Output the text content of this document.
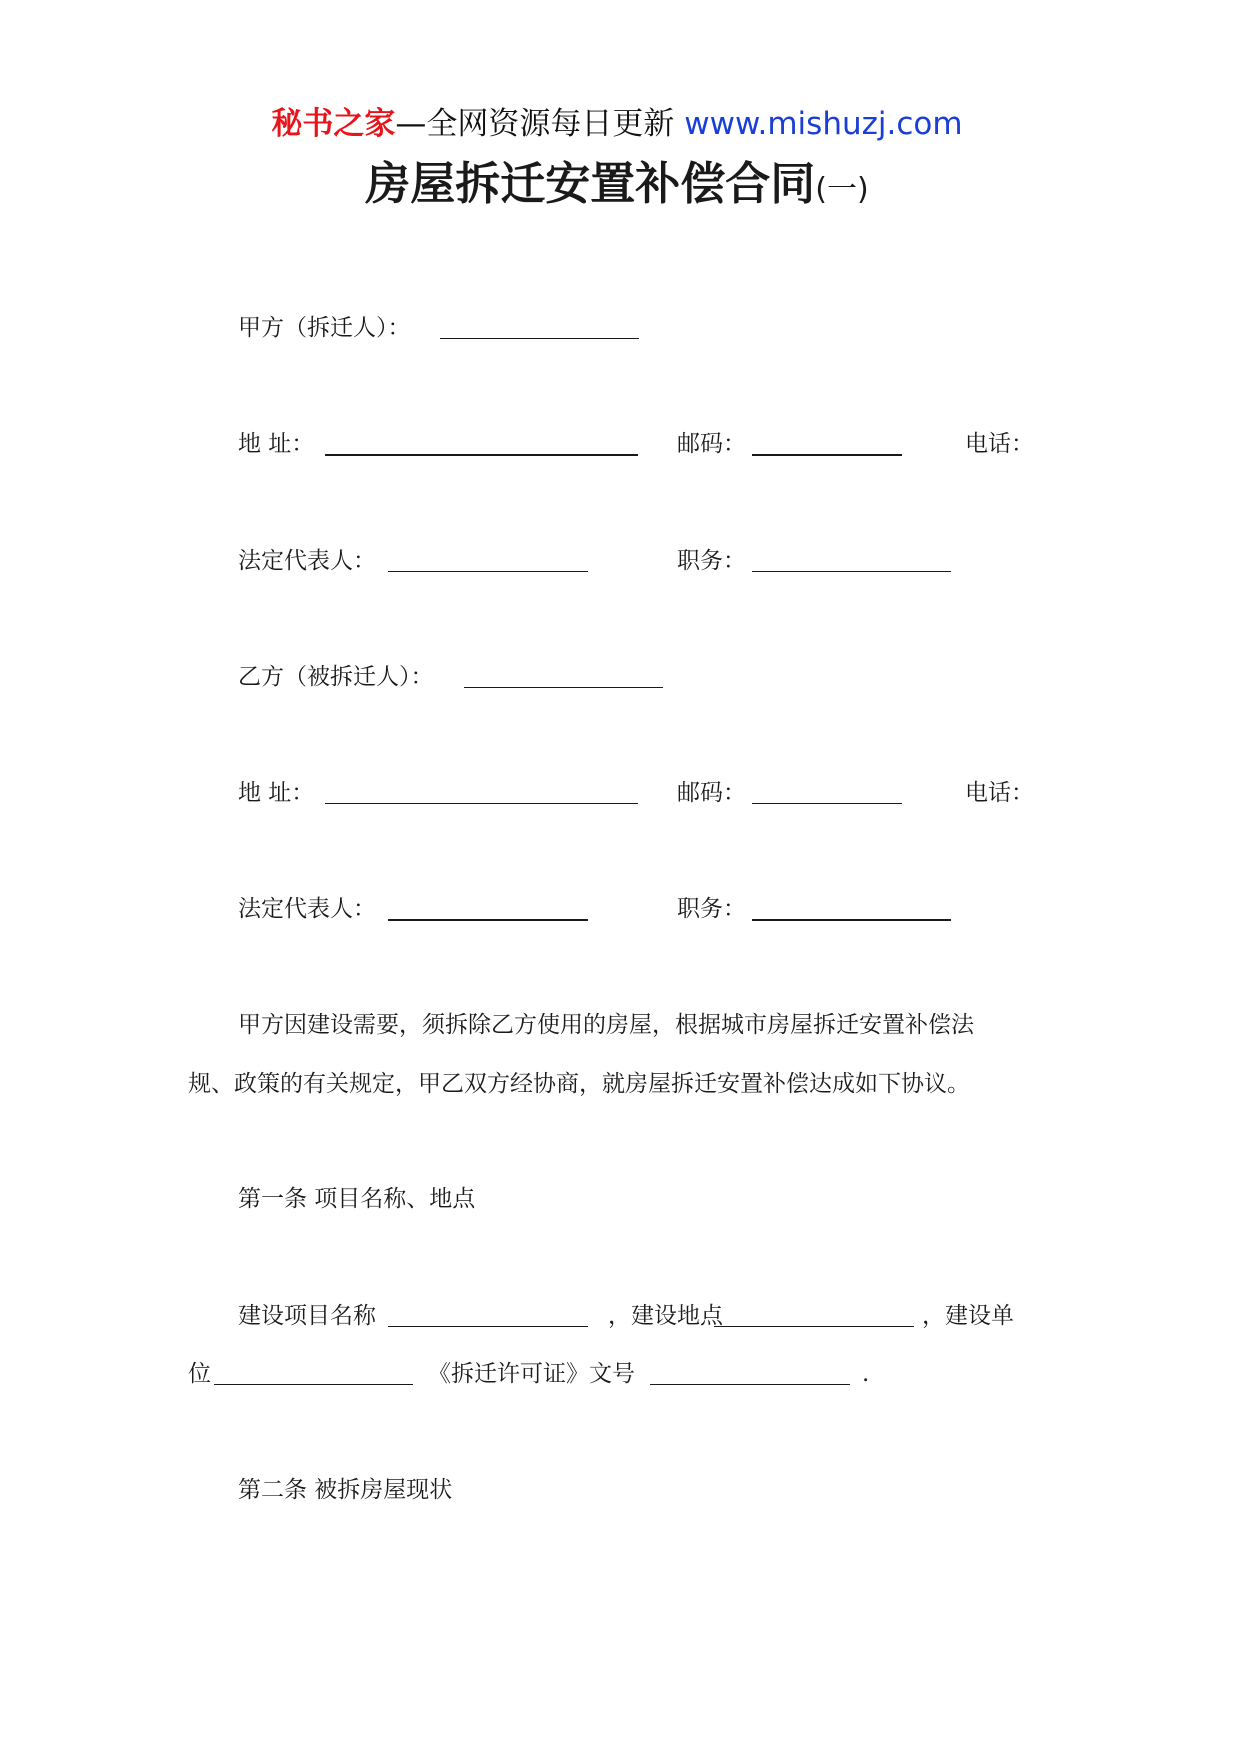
秘书之家—全网资源每日更新 www.mishuzj.com
房屋拆迁安置补偿合同(一)
甲方（拆迁人）：
地 址：	邮码：	电话：
法定代表人：	职务：
乙方（被拆迁人）：
地 址：	邮码：	电话：
法定代表人：	职务：
甲方因建设需要，须拆除乙方使用的房屋，根据城市房屋拆迁安置补偿法
规、政策的有关规定，甲乙双方经协商，就房屋拆迁安置补偿达成如下协议。
第一条 项目名称、地点
建设项目名称	，建设地点	，建设单
位	《拆迁许可证》文号	.
第二条 被拆房屋现状
